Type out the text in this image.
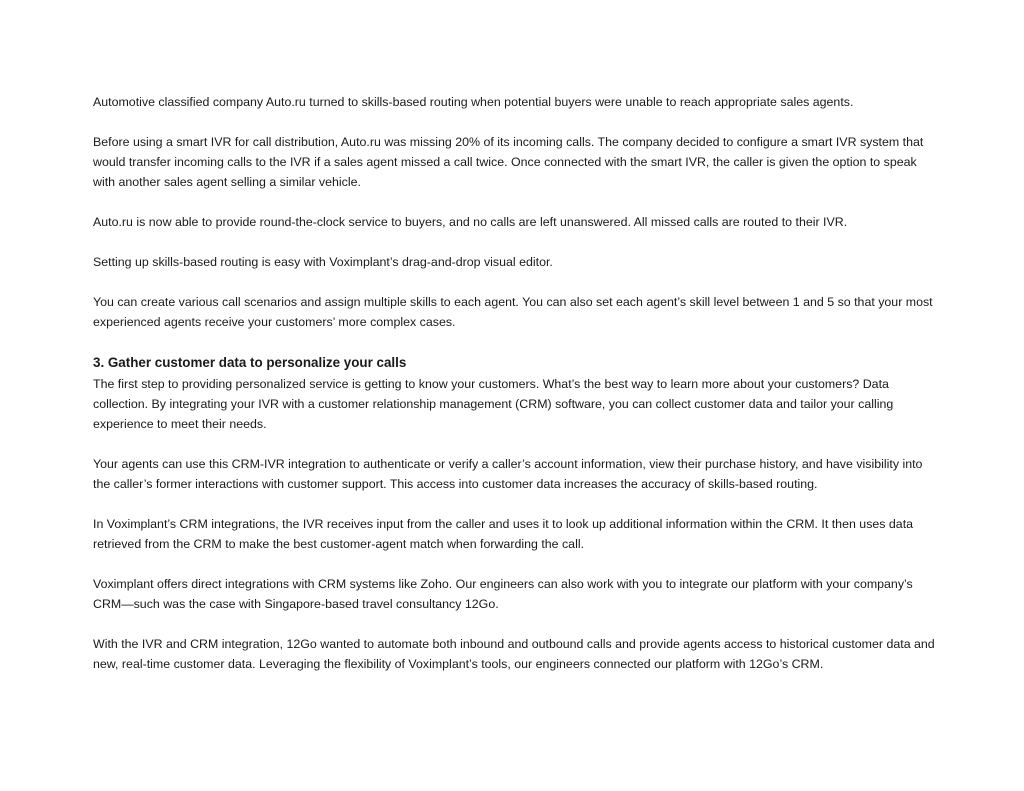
Automotive classified company Auto.ru turned to skills-based routing when potential buyers were unable to reach appropriate sales agents.

Before using a smart IVR for call distribution, Auto.ru was missing 20% of its incoming calls. The company decided to configure a smart IVR system that would transfer incoming calls to the IVR if a sales agent missed a call twice. Once connected with the smart IVR, the caller is given the option to speak with another sales agent selling a similar vehicle.

Auto.ru is now able to provide round-the-clock service to buyers, and no calls are left unanswered. All missed calls are routed to their IVR.

Setting up skills-based routing is easy with Voximplant’s drag-and-drop visual editor.

You can create various call scenarios and assign multiple skills to each agent. You can also set each agent’s skill level between 1 and 5 so that your most experienced agents receive your customers’ more complex cases.

3. Gather customer data to personalize your calls

The first step to providing personalized service is getting to know your customers. What’s the best way to learn more about your customers? Data collection. By integrating your IVR with a customer relationship management (CRM) software, you can collect customer data and tailor your calling experience to meet their needs.

Your agents can use this CRM-IVR integration to authenticate or verify a caller’s account information, view their purchase history, and have visibility into the caller’s former interactions with customer support. This access into customer data increases the accuracy of skills-based routing.

In Voximplant’s CRM integrations, the IVR receives input from the caller and uses it to look up additional information within the CRM. It then uses data retrieved from the CRM to make the best customer-agent match when forwarding the call.

Voximplant offers direct integrations with CRM systems like Zoho. Our engineers can also work with you to integrate our platform with your company’s CRM—such was the case with Singapore-based travel consultancy 12Go.

With the IVR and CRM integration, 12Go wanted to automate both inbound and outbound calls and provide agents access to historical customer data and new, real-time customer data. Leveraging the flexibility of Voximplant’s tools, our engineers connected our platform with 12Go’s CRM.
